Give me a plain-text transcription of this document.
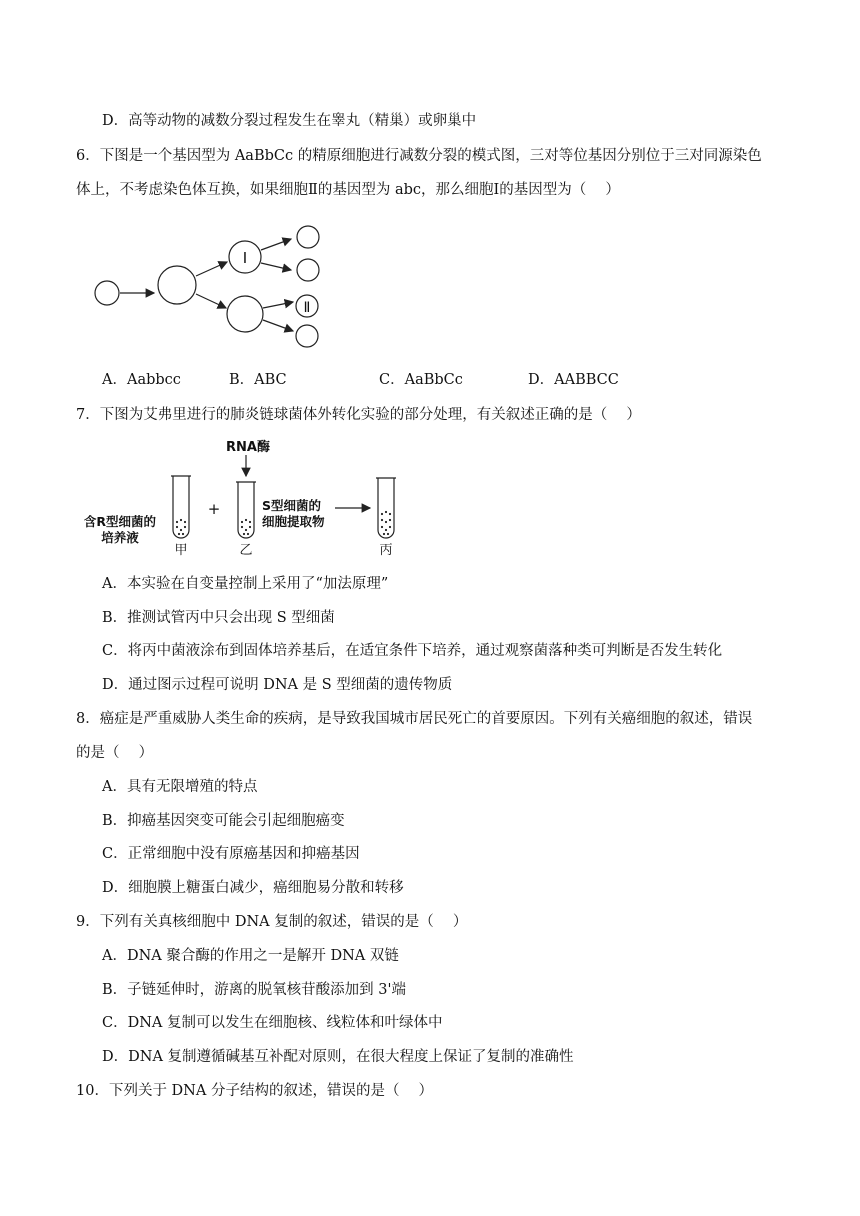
D．高等动物的减数分裂过程发生在睾丸（精巢）或卵巢中
6．下图是一个基因型为 AaBbCc 的精原细胞进行减数分裂的模式图，三对等位基因分别位于三对同源染色
体上，不考虑染色体互换，如果细胞Ⅱ的基因型为 abc，那么细胞Ⅰ的基因型为（　 ）
Ⅰ
Ⅱ
A．Aabbcc	B．ABC	C．AaBbCc	D．AABBCC
7．下图为艾弗里进行的肺炎链球菌体外转化实验的部分处理，有关叙述正确的是（　 ）
RNA酶
含R型细菌的
培养液
甲
+
乙
S型细菌的
细胞提取物
丙
A．本实验在自变量控制上采用了“加法原理”
B．推测试管丙中只会出现 S 型细菌
C．将丙中菌液涂布到固体培养基后，在适宜条件下培养，通过观察菌落种类可判断是否发生转化
D．通过图示过程可说明 DNA 是 S 型细菌的遗传物质
8．癌症是严重威胁人类生命的疾病，是导致我国城市居民死亡的首要原因。下列有关癌细胞的叙述，错误
的是（　 ）
A．具有无限增殖的特点
B．抑癌基因突变可能会引起细胞癌变
C．正常细胞中没有原癌基因和抑癌基因
D．细胞膜上糖蛋白减少，癌细胞易分散和转移
9．下列有关真核细胞中 DNA 复制的叙述，错误的是（　 ）
A．DNA 聚合酶的作用之一是解开 DNA 双链
B．子链延伸时，游离的脱氧核苷酸添加到 3'端
C．DNA 复制可以发生在细胞核、线粒体和叶绿体中
D．DNA 复制遵循碱基互补配对原则，在很大程度上保证了复制的准确性
10．下列关于 DNA 分子结构的叙述，错误的是（　 ）
